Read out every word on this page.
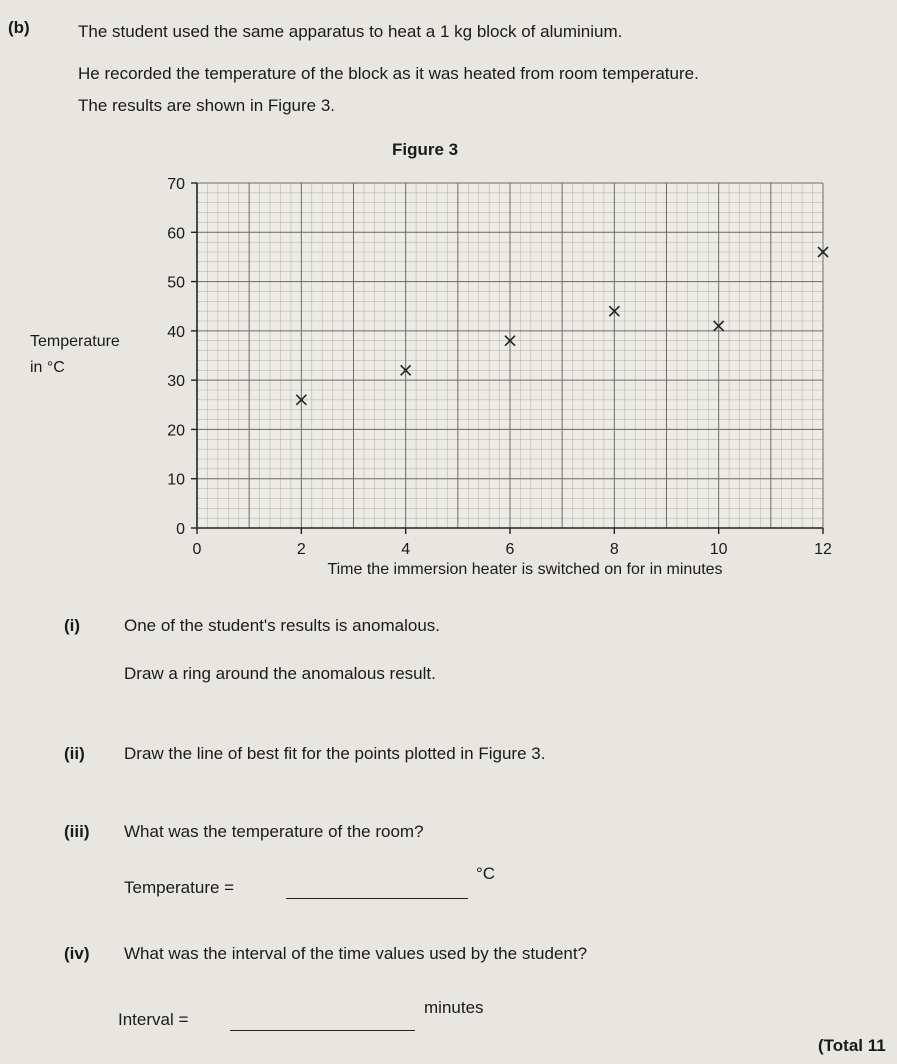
(b)	The student used the same apparatus to heat a 1 kg block of aluminium.
He recorded the temperature of the block as it was heated from room temperature.
The results are shown in Figure 3.
Figure 3
0
10
20
30
40
50
60
70
0	2	4	6	8	10	12
Time the immersion heater is switched on for in minutes
Temperature
in °C
(i)	One of the student's results is anomalous.
Draw a ring around the anomalous result.
(ii) Draw the line of best fit for the points plotted in Figure 3.
(iii) What was the temperature of the room?
Temperature =
°C
(iv) What was the interval of the time values used by the student?
Interval =
minutes
(Total 11
